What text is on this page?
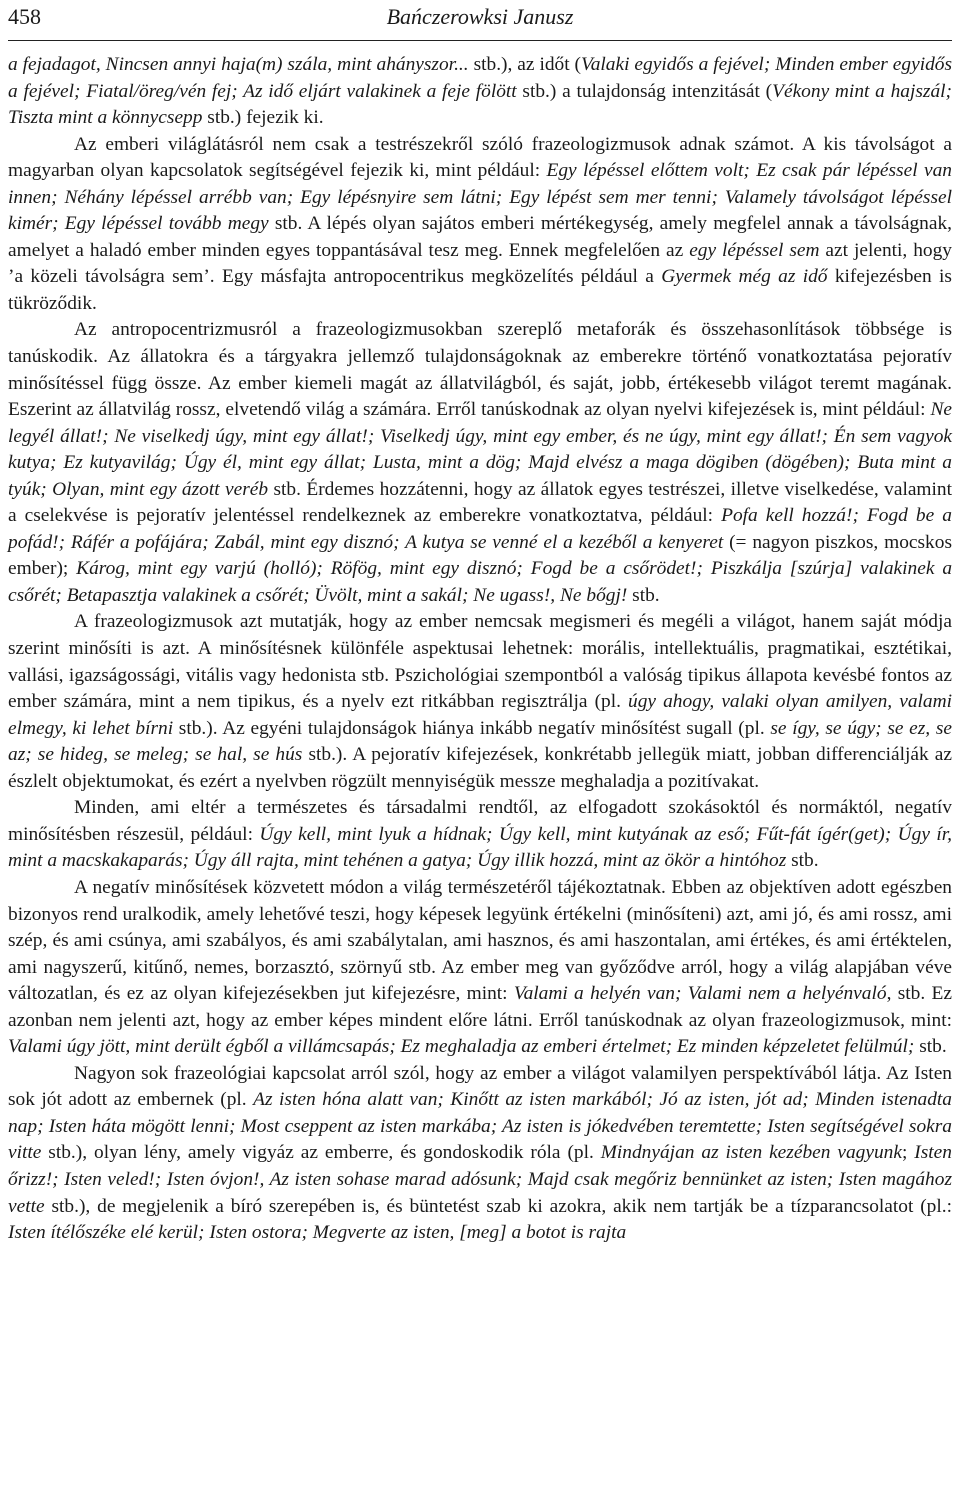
458	Bańczerowksi Janusz

a fejadagot, Nincsen annyi haja(m) szála, mint ahányszor... stb.), az időt (Valaki egyidős a fejével; Minden ember egyidős a fejével; Fiatal/öreg/vén fej; Az idő eljárt valakinek a feje fölött stb.) a tulajdonság intenzitását (Vékony mint a hajszál; Tiszta mint a könnycsepp stb.) fejezik ki.

Az emberi világlátásról nem csak a testrészekről szóló frazeologizmusok adnak számot. A kis távolságot a magyarban olyan kapcsolatok segítségével fejezik ki, mint például: Egy lépéssel előttem volt; Ez csak pár lépéssel van innen; Néhány lépéssel arrébb van; Egy lépésnyire sem látni; Egy lépést sem mer tenni; Valamely távolságot lépéssel kimér; Egy lépéssel tovább megy stb. A lépés olyan sajátos emberi mértékegység, amely megfelel annak a távolságnak, amelyet a haladó ember minden egyes toppantásával tesz meg. Ennek megfelelően az egy lépéssel sem azt jelenti, hogy ’a közeli távolságra sem’. Egy másfajta antropocentrikus megközelítés például a Gyermek még az idő kifejezésben is tükröződik.

Az antropocentrizmusról a frazeologizmusokban szereplő metaforák és összehasonlítások többsége is tanúskodik. Az állatokra és a tárgyakra jellemző tulajdonságoknak az emberekre történő vonatkoztatása pejoratív minősítéssel függ össze. Az ember kiemeli magát az állatvilágból, és saját, jobb, értékesebb világot teremt magának. Eszerint az állatvilág rossz, elvetendő világ a számára. Erről tanúskodnak az olyan nyelvi kifejezések is, mint például: Ne legyél állat!; Ne viselkedj úgy, mint egy állat!; Viselkedj úgy, mint egy ember, és ne úgy, mint egy állat!; Én sem vagyok kutya; Ez kutyavilág; Úgy él, mint egy állat; Lusta, mint a dög; Majd elvész a maga dögiben (dögében); Buta mint a tyúk; Olyan, mint egy ázott veréb stb. Érdemes hozzátenni, hogy az állatok egyes testrészei, illetve viselkedése, valamint a cselekvése is pejoratív jelentéssel rendelkeznek az emberekre vonatkoztatva, például: Pofa kell hozzá!; Fogd be a pofád!; Ráfér a pofájára; Zabál, mint egy disznó; A kutya se venné el a kezéből a kenyeret (= nagyon piszkos, mocskos ember); Károg, mint egy varjú (holló); Röfög, mint egy disznó; Fogd be a csőrödet!; Piszkálja [szúrja] valakinek a csőrét; Betapasztja valakinek a csőrét; Üvölt, mint a sakál; Ne ugass!, Ne bőgj! stb.

A frazeologizmusok azt mutatják, hogy az ember nemcsak megismeri és megéli a világot, hanem saját módja szerint minősíti is azt. A minősítésnek különféle aspektusai lehetnek: morális, intellektuális, pragmatikai, esztétikai, vallási, igazságossági, vitális vagy hedonista stb. Pszichológiai szempontból a valóság tipikus állapota kevésbé fontos az ember számára, mint a nem tipikus, és a nyelv ezt ritkábban regisztrálja (pl. úgy ahogy, valaki olyan amilyen, valami elmegy, ki lehet bírni stb.). Az egyéni tulajdonságok hiánya inkább negatív minősítést sugall (pl. se így, se úgy; se ez, se az; se hideg, se meleg; se hal, se hús stb.). A pejoratív kifejezések, konkrétabb jellegük miatt, jobban differenciálják az észlelt objektumokat, és ezért a nyelvben rögzült mennyiségük messze meghaladja a pozitívakat.

Minden, ami eltér a természetes és társadalmi rendtől, az elfogadott szokásoktól és normáktól, negatív minősítésben részesül, például: Úgy kell, mint lyuk a hídnak; Úgy kell, mint kutyának az eső; Fűt-fát ígér(get); Úgy ír, mint a macskakaparás; Úgy áll rajta, mint tehénen a gatya; Úgy illik hozzá, mint az ökör a hintóhoz stb.

A negatív minősítések közvetett módon a világ természetéről tájékoztatnak. Ebben az objektíven adott egészben bizonyos rend uralkodik, amely lehetővé teszi, hogy képesek legyünk értékelni (minősíteni) azt, ami jó, és ami rossz, ami szép, és ami csúnya, ami szabályos, és ami szabálytalan, ami hasznos, és ami haszontalan, ami értékes, és ami értéktelen, ami nagyszerű, kitűnő, nemes, borzasztó, szörnyű stb. Az ember meg van győződve arról, hogy a világ alapjában véve változatlan, és ez az olyan kifejezésekben jut kifejezésre, mint: Valami a helyén van; Valami nem a helyénvaló, stb. Ez azonban nem jelenti azt, hogy az ember képes mindent előre látni. Erről tanúskodnak az olyan frazeologizmusok, mint: Valami úgy jött, mint derült égből a villámcsapás; Ez meghaladja az emberi értelmet; Ez minden képzeletet felülmúl; stb.

Nagyon sok frazeológiai kapcsolat arról szól, hogy az ember a világot valamilyen perspektívából látja. Az Isten sok jót adott az embernek (pl. Az isten hóna alatt van; Kinőtt az isten markából; Jó az isten, jót ad; Minden istenadta nap; Isten háta mögött lenni; Most cseppent az isten markába; Az isten is jókedvében teremtette; Isten segítségével sokra vitte stb.), olyan lény, amely vigyáz az emberre, és gondoskodik róla (pl. Mindnyájan az isten kezében vagyunk; Isten őrizz!; Isten veled!; Isten óvjon!, Az isten sohase marad adósunk; Majd csak megőriz bennünket az isten; Isten magához vette stb.), de megjelenik a bíró szerepében is, és büntetést szab ki azokra, akik nem tartják be a tízparancsolatot (pl.: Isten ítélőszéke elé kerül; Isten ostora; Megverte az isten, [meg] a botot is rajta
